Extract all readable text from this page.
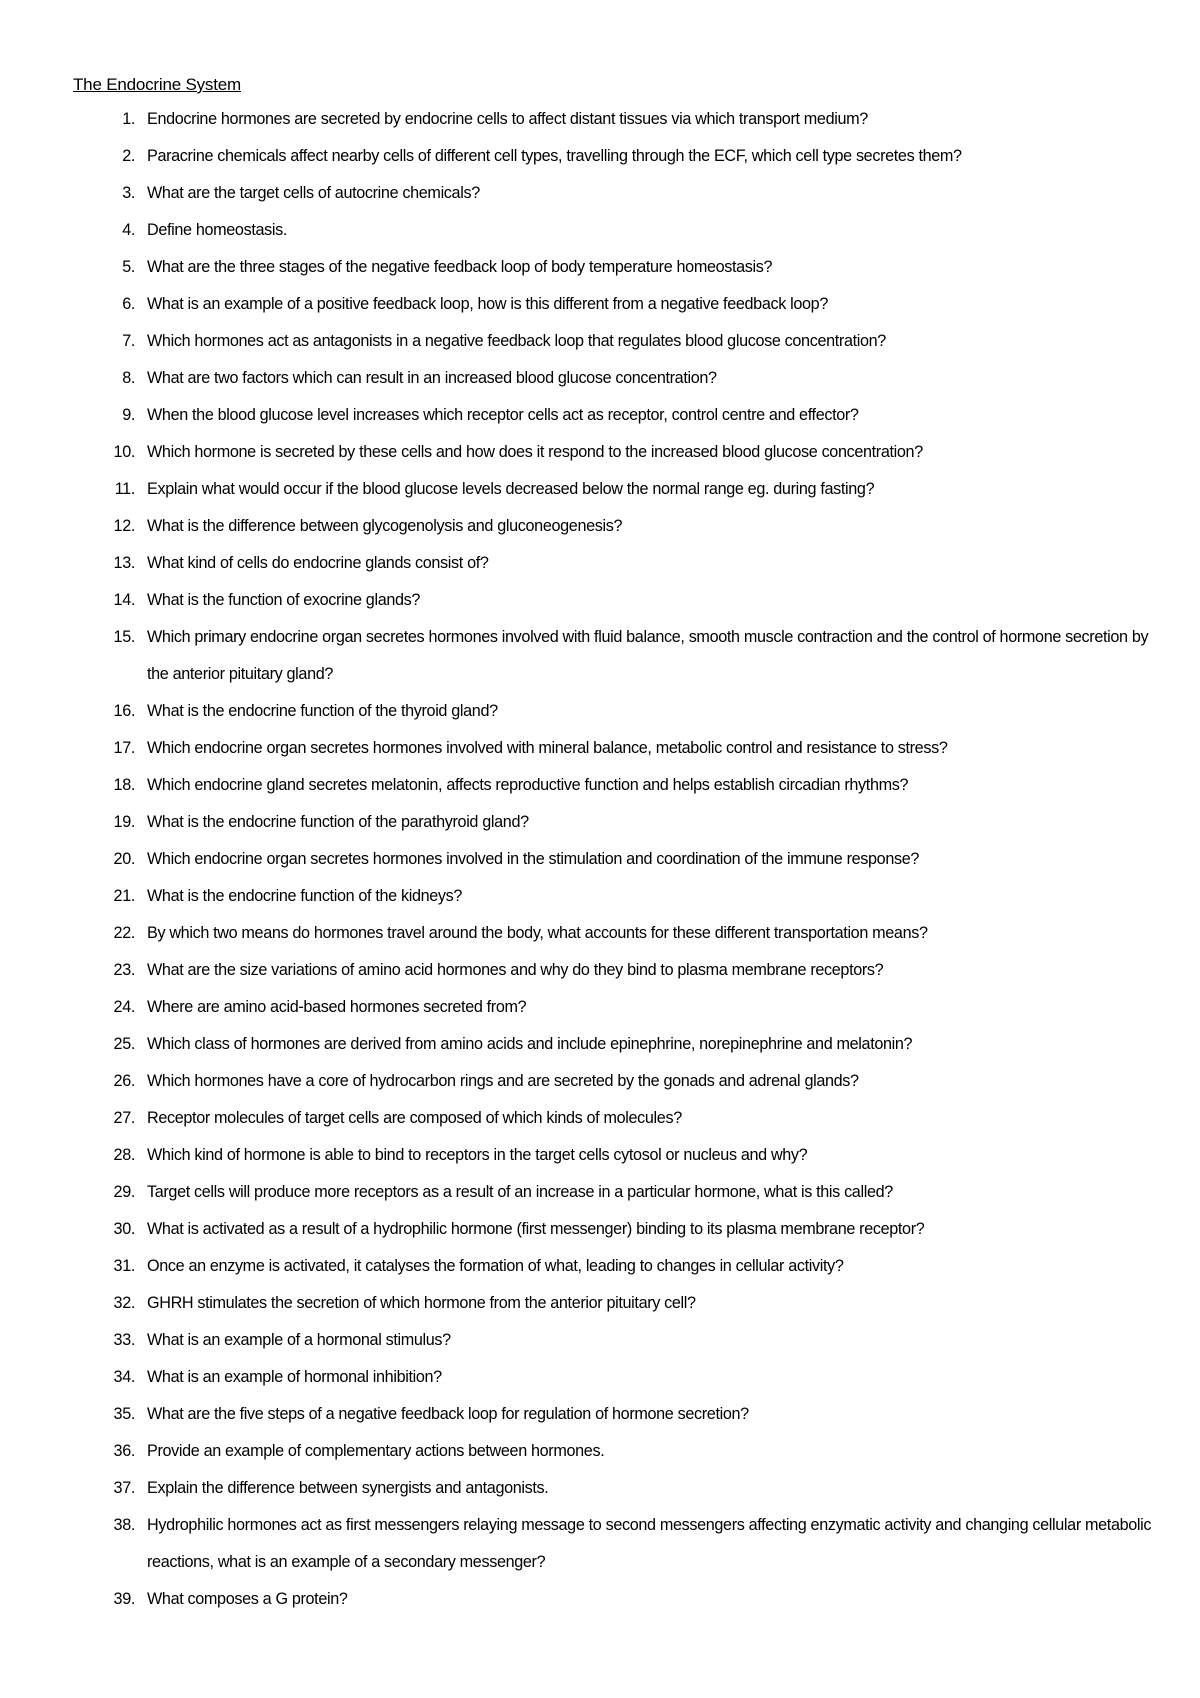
The Endocrine System
1. Endocrine hormones are secreted by endocrine cells to affect distant tissues via which transport medium?
2. Paracrine chemicals affect nearby cells of different cell types, travelling through the ECF, which cell type secretes them?
3. What are the target cells of autocrine chemicals?
4. Define homeostasis.
5. What are the three stages of the negative feedback loop of body temperature homeostasis?
6. What is an example of a positive feedback loop, how is this different from a negative feedback loop?
7. Which hormones act as antagonists in a negative feedback loop that regulates blood glucose concentration?
8. What are two factors which can result in an increased blood glucose concentration?
9. When the blood glucose level increases which receptor cells act as receptor, control centre and effector?
10. Which hormone is secreted by these cells and how does it respond to the increased blood glucose concentration?
11. Explain what would occur if the blood glucose levels decreased below the normal range eg. during fasting?
12. What is the difference between glycogenolysis and gluconeogenesis?
13. What kind of cells do endocrine glands consist of?
14. What is the function of exocrine glands?
15. Which primary endocrine organ secretes hormones involved with fluid balance, smooth muscle contraction and the control of hormone secretion by the anterior pituitary gland?
16. What is the endocrine function of the thyroid gland?
17. Which endocrine organ secretes hormones involved with mineral balance, metabolic control and resistance to stress?
18. Which endocrine gland secretes melatonin, affects reproductive function and helps establish circadian rhythms?
19. What is the endocrine function of the parathyroid gland?
20. Which endocrine organ secretes hormones involved in the stimulation and coordination of the immune response?
21. What is the endocrine function of the kidneys?
22. By which two means do hormones travel around the body, what accounts for these different transportation means?
23. What are the size variations of amino acid hormones and why do they bind to plasma membrane receptors?
24. Where are amino acid-based hormones secreted from?
25. Which class of hormones are derived from amino acids and include epinephrine, norepinephrine and melatonin?
26. Which hormones have a core of hydrocarbon rings and are secreted by the gonads and adrenal glands?
27. Receptor molecules of target cells are composed of which kinds of molecules?
28. Which kind of hormone is able to bind to receptors in the target cells cytosol or nucleus and why?
29. Target cells will produce more receptors as a result of an increase in a particular hormone, what is this called?
30. What is activated as a result of a hydrophilic hormone (first messenger) binding to its plasma membrane receptor?
31. Once an enzyme is activated, it catalyses the formation of what, leading to changes in cellular activity?
32. GHRH stimulates the secretion of which hormone from the anterior pituitary cell?
33. What is an example of a hormonal stimulus?
34. What is an example of hormonal inhibition?
35. What are the five steps of a negative feedback loop for regulation of hormone secretion?
36. Provide an example of complementary actions between hormones.
37. Explain the difference between synergists and antagonists.
38. Hydrophilic hormones act as first messengers relaying message to second messengers affecting enzymatic activity and changing cellular metabolic reactions, what is an example of a secondary messenger?
39. What composes a G protein?
